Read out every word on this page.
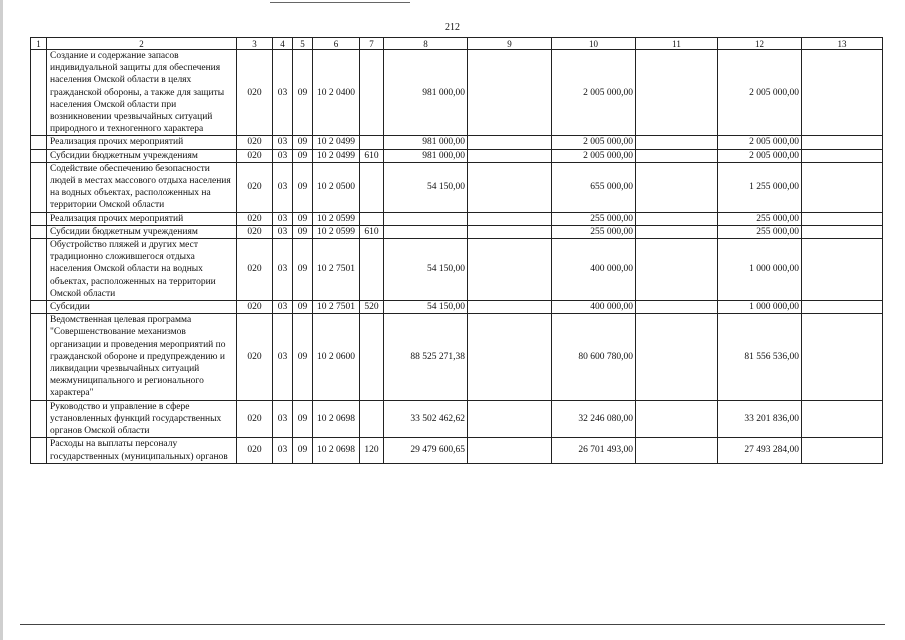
212
1	2	3	4	5	6	7	8	9	10	11	12	13
	Создание и содержание запасов индивидуальной защиты для обеспечения населения Омской области в целях гражданской обороны, а также для защиты населения Омской области при возникновении чрезвычайных ситуаций природного и техногенного характера	020	03	09	10 2 0400		981 000,00		2 005 000,00		2 005 000,00	
	Реализация прочих мероприятий	020	03	09	10 2 0499		981 000,00		2 005 000,00		2 005 000,00	
	Субсидии бюджетным учреждениям	020	03	09	10 2 0499	610	981 000,00		2 005 000,00		2 005 000,00	
	Содействие обеспечению безопасности людей в местах массового отдыха населения на водных объектах, расположенных на территории Омской области	020	03	09	10 2 0500		54 150,00		655 000,00		1 255 000,00	
	Реализация прочих мероприятий	020	03	09	10 2 0599				255 000,00		255 000,00	
	Субсидии бюджетным учреждениям	020	03	09	10 2 0599	610			255 000,00		255 000,00	
	Обустройство пляжей и других мест традиционно сложившегося отдыха населения Омской области на водных объектах, расположенных на территории Омской области	020	03	09	10 2 7501		54 150,00		400 000,00		1 000 000,00	
	Субсидии	020	03	09	10 2 7501	520	54 150,00		400 000,00		1 000 000,00	
	Ведомственная целевая программа "Совершенствование механизмов организации и проведения мероприятий по гражданской обороне и предупреждению и ликвидации чрезвычайных ситуаций межмуниципального и регионального характера"	020	03	09	10 2 0600		88 525 271,38		80 600 780,00		81 556 536,00	
	Руководство и управление в сфере установленных функций государственных органов Омской области	020	03	09	10 2 0698		33 502 462,62		32 246 080,00		33 201 836,00	
	Расходы на выплаты персоналу государственных (муниципальных) органов	020	03	09	10 2 0698	120	29 479 600,65		26 701 493,00		27 493 284,00	
